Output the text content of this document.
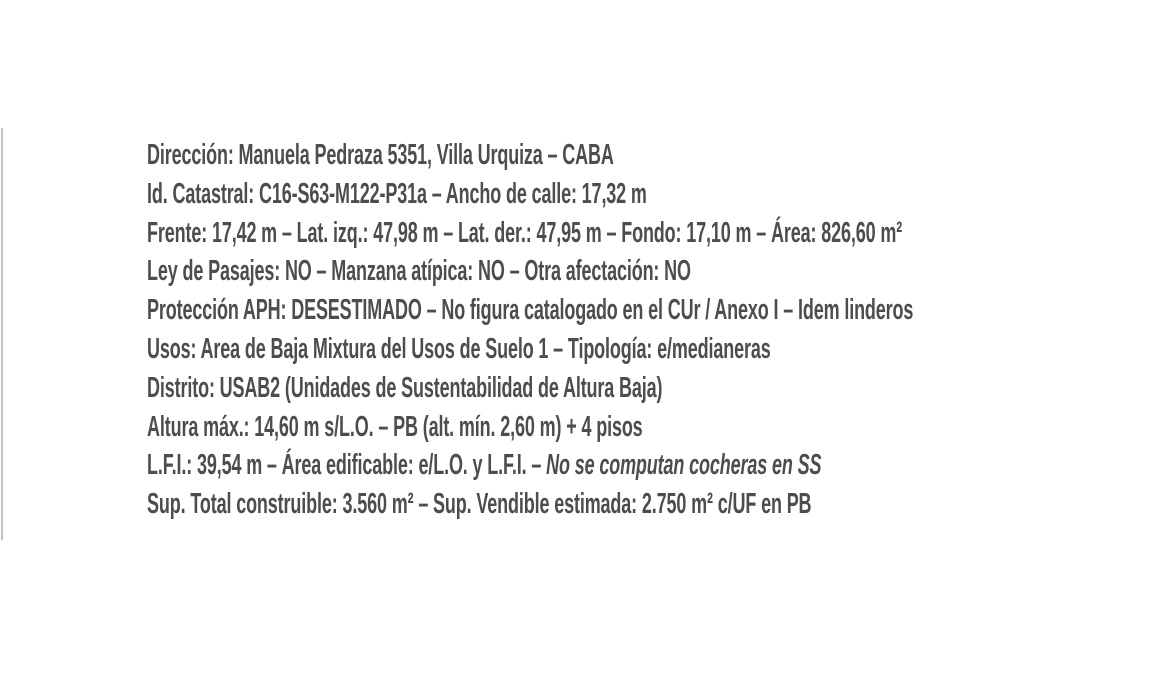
Dirección: Manuela Pedraza 5351, Villa Urquiza – CABA

Id. Catastral: C16-S63-M122-P31a – Ancho de calle: 17,32 m

Frente: 17,42 m – Lat. izq.: 47,98 m – Lat. der.: 47,95 m – Fondo: 17,10 m – Área: 826,60 m²

Ley de Pasajes: NO – Manzana atípica: NO – Otra afectación: NO

Protección APH: DESESTIMADO – No figura catalogado en el CUr / Anexo I – Idem linderos

Usos: Area de Baja Mixtura del Usos de Suelo 1 – Tipología: e/medianeras

Distrito: USAB2 (Unidades de Sustentabilidad de Altura Baja)

Altura máx.: 14,60 m s/L.O. – PB (alt. mín. 2,60 m) + 4 pisos

L.F.I.: 39,54 m – Área edificable: e/L.O. y L.F.I. – No se computan cocheras en SS

Sup. Total construible: 3.560 m² – Sup. Vendible estimada: 2.750 m² c/UF en PB
